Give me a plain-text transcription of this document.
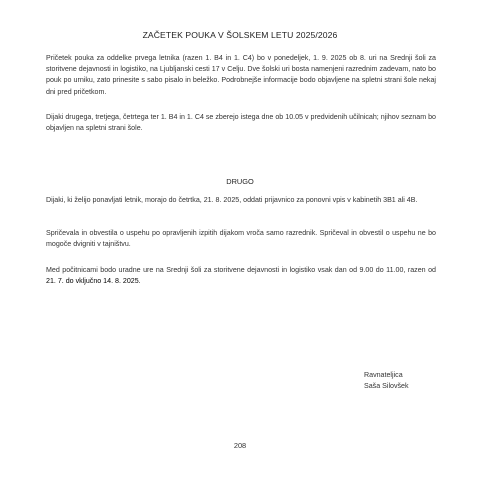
ZAČETEK POUKA V ŠOLSKEM LETU 2025/2026

Pričetek pouka za oddelke prvega letnika (razen 1. B4 in 1. C4) bo v ponedeljek, 1. 9. 2025 ob 8. uri na Srednji šoli za storitvene dejavnosti in logistiko, na Ljubljanski cesti 17 v Celju. Dve šolski uri bosta namenjeni razrednim zadevam, nato bo pouk po urniku, zato prinesite s sabo pisalo in beležko. Podrobnejše informacije bodo objavljene na spletni strani šole nekaj dni pred pričetkom.

Dijaki drugega, tretjega, četrtega ter 1. B4 in 1. C4 se zberejo istega dne ob 10.05 v predvidenih učilnicah; njihov seznam bo objavljen na spletni strani šole.

DRUGO

Dijaki, ki želijo ponavljati letnik, morajo do četrtka, 21. 8. 2025, oddati prijavnico za ponovni vpis v kabinetih 3B1 ali 4B.

Spričevala in obvestila o uspehu po opravljenih izpitih dijakom vroča samo razrednik. Spričeval in obvestil o uspehu ne bo mogoče dvigniti v tajništvu.

Med počitnicami bodo uradne ure na Srednji šoli za storitvene dejavnosti in logistiko vsak dan od 9.00 do 11.00, razen od 21. 7. do vključno 14. 8. 2025.

Ravnateljica
Saša Silovšek
208
